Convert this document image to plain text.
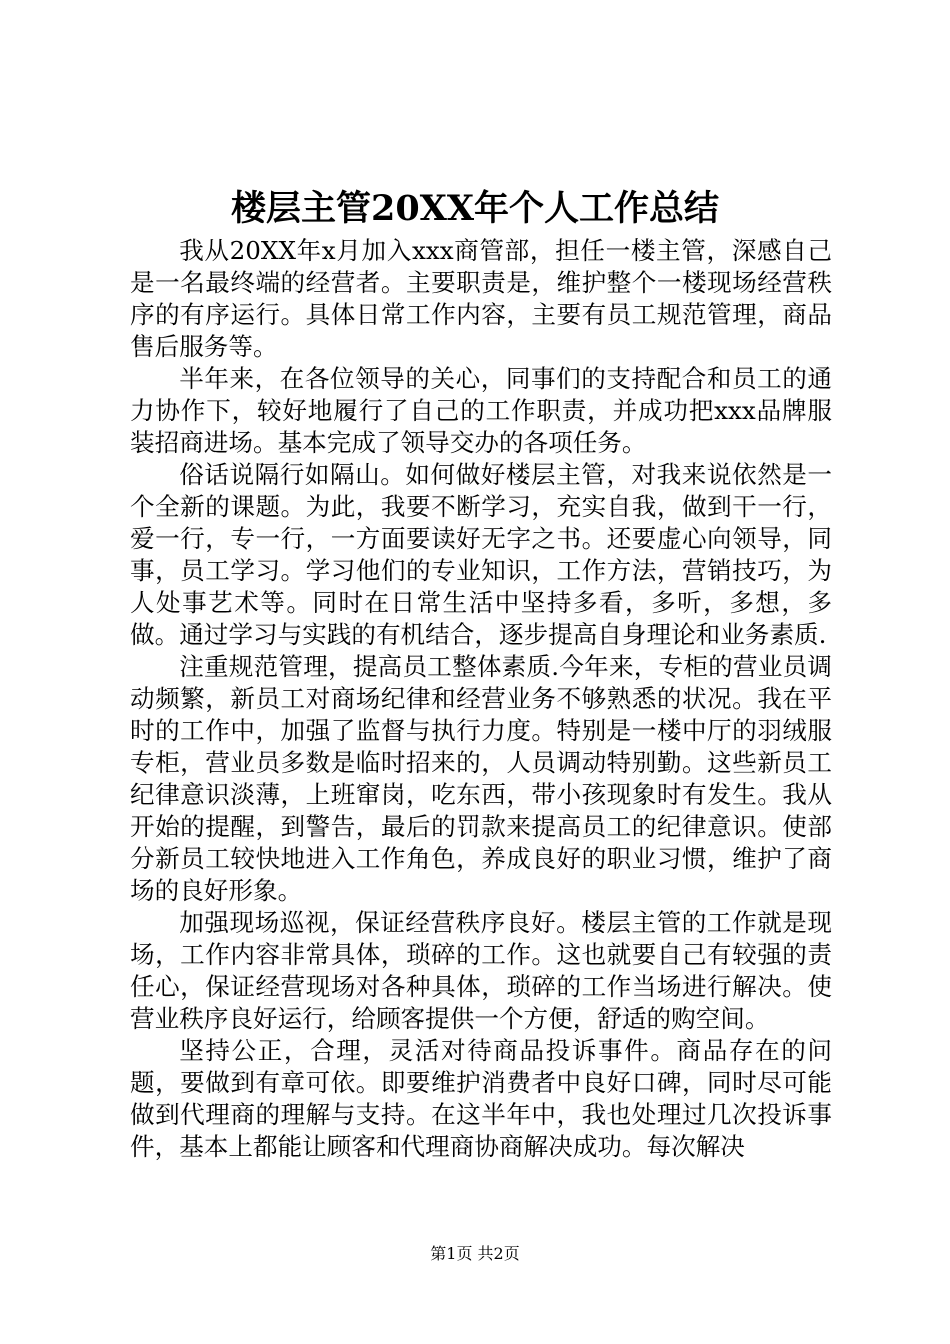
楼层主管20XX年个人工作总结

我从20XX年x月加入xxx商管部，担任一楼主管，深感自己是一名最终端的经营者。主要职责是，维护整个一楼现场经营秩序的有序运行。具体日常工作内容，主要有员工规范管理，商品售后服务等。

半年来，在各位领导的关心，同事们的支持配合和员工的通力协作下，较好地履行了自己的工作职责，并成功把xxx品牌服装招商进场。基本完成了领导交办的各项任务。

俗话说隔行如隔山。如何做好楼层主管，对我来说依然是一个全新的课题。为此，我要不断学习，充实自我，做到干一行，爱一行，专一行，一方面要读好无字之书。还要虚心向领导，同事，员工学习。学习他们的专业知识，工作方法，营销技巧，为人处事艺术等。同时在日常生活中坚持多看，多听，多想，多做。通过学习与实践的有机结合，逐步提高自身理论和业务素质.

注重规范管理，提高员工整体素质.今年来，专柜的营业员调动频繁，新员工对商场纪律和经营业务不够熟悉的状况。我在平时的工作中，加强了监督与执行力度。特别是一楼中厅的羽绒服专柜，营业员多数是临时招来的，人员调动特别勤。这些新员工纪律意识淡薄，上班窜岗，吃东西，带小孩现象时有发生。我从开始的提醒，到警告，最后的罚款来提高员工的纪律意识。使部分新员工较快地进入工作角色，养成良好的职业习惯，维护了商场的良好形象。

加强现场巡视，保证经营秩序良好。楼层主管的工作就是现场，工作内容非常具体，琐碎的工作。这也就要自己有较强的责任心，保证经营现场对各种具体，琐碎的工作当场进行解决。使营业秩序良好运行，给顾客提供一个方便，舒适的购空间。

坚持公正，合理，灵活对待商品投诉事件。商品存在的问题，要做到有章可依。即要维护消费者中良好口碑，同时尽可能做到代理商的理解与支持。在这半年中，我也处理过几次投诉事件，基本上都能让顾客和代理商协商解决成功。每次解决

第1页 共2页
